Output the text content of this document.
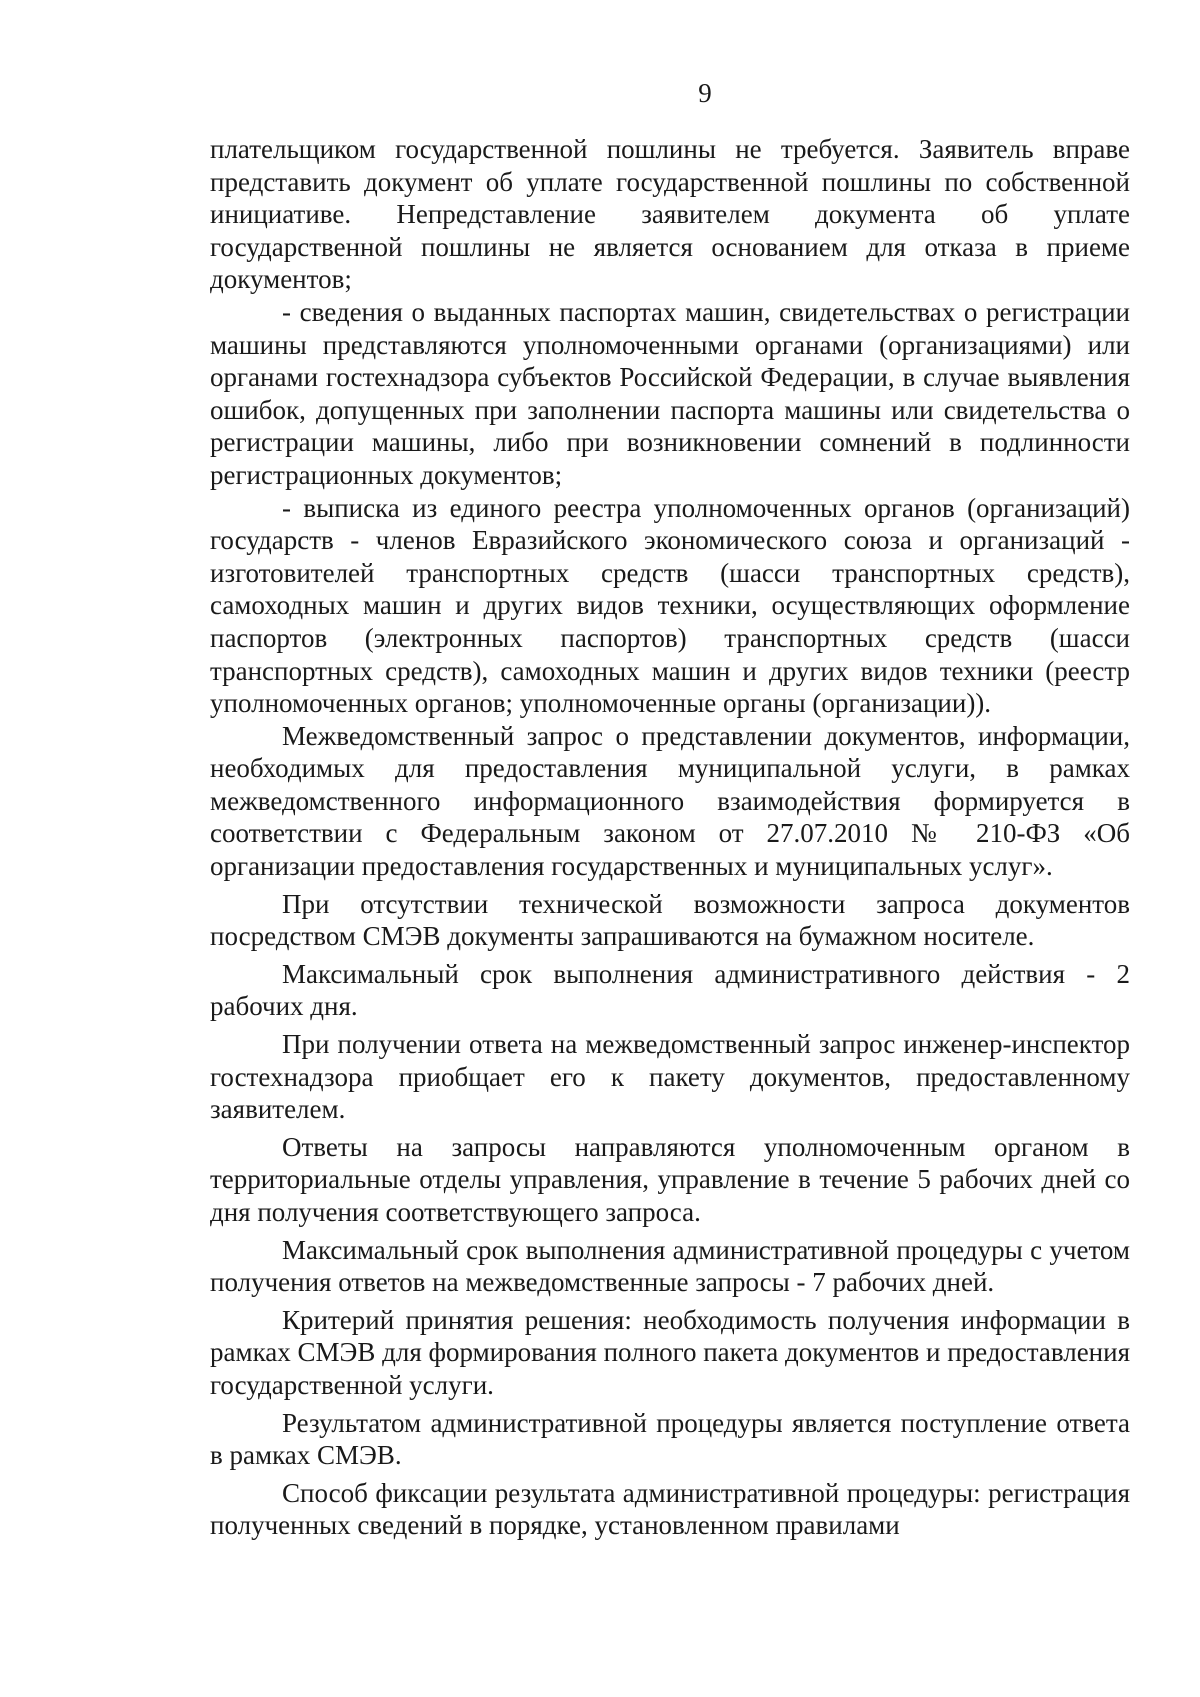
9

плательщиком государственной пошлины не требуется. Заявитель вправе представить документ об уплате государственной пошлины по собственной инициативе. Непредставление заявителем документа об уплате государственной пошлины не является основанием для отказа в приеме документов;

- сведения о выданных паспортах машин, свидетельствах о регистрации машины представляются уполномоченными органами (организациями) или органами гостехнадзора субъектов Российской Федерации, в случае выявления ошибок, допущенных при заполнении паспорта машины или свидетельства о регистрации машины, либо при возникновении сомнений в подлинности регистрационных документов;

- выписка из единого реестра уполномоченных органов (организаций) государств - членов Евразийского экономического союза и организаций - изготовителей транспортных средств (шасси транспортных средств), самоходных машин и других видов техники, осуществляющих оформление паспортов (электронных паспортов) транспортных средств (шасси транспортных средств), самоходных машин и других видов техники (реестр уполномоченных органов; уполномоченные органы (организации)).

Межведомственный запрос о представлении документов, информации, необходимых для предоставления муниципальной услуги, в рамках межведомственного информационного взаимодействия формируется в соответствии с Федеральным законом от 27.07.2010 № 210-ФЗ «Об организации предоставления государственных и муниципальных услуг».

При отсутствии технической возможности запроса документов посредством СМЭВ документы запрашиваются на бумажном носителе.

Максимальный срок выполнения административного действия - 2 рабочих дня.

При получении ответа на межведомственный запрос инженер-инспектор гостехнадзора приобщает его к пакету документов, предоставленному заявителем.

Ответы на запросы направляются уполномоченным органом в территориальные отделы управления, управление в течение 5 рабочих дней со дня получения соответствующего запроса.

Максимальный срок выполнения административной процедуры с учетом получения ответов на межведомственные запросы - 7 рабочих дней.

Критерий принятия решения: необходимость получения информации в рамках СМЭВ для формирования полного пакета документов и предоставления государственной услуги.

Результатом административной процедуры является поступление ответа в рамках СМЭВ.

Способ фиксации результата административной процедуры: регистрация полученных сведений в порядке, установленном правилами
